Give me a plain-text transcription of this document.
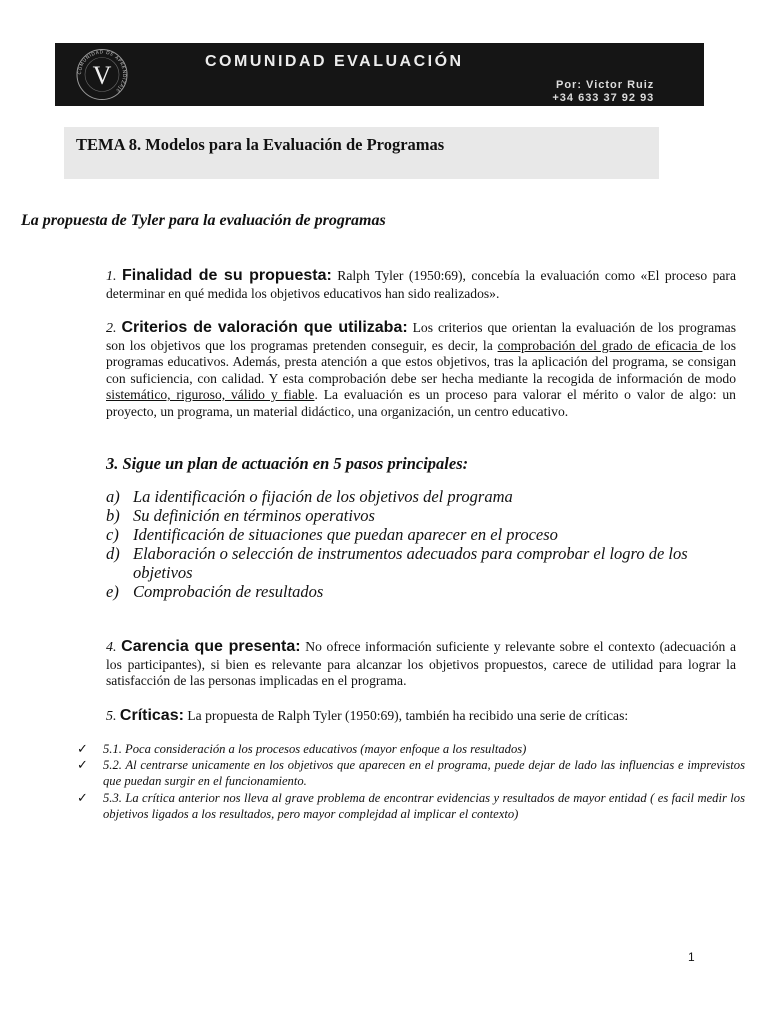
COMUNIDAD DE APRENDIZAJE
V	COMUNIDAD EVALUACIÓN
Por: Victor Ruiz
+34 633 37 92 93
TEMA 8. Modelos para la Evaluación de Programas
La propuesta de Tyler para la evaluación de programas

1. Finalidad de su propuesta: Ralph Tyler (1950:69), concebía la evaluación como «El proceso para determinar en qué medida los objetivos educativos han sido realizados».

2. Criterios de valoración que utilizaba: Los criterios que orientan la evaluación de los programas son los objetivos que los programas pretenden conseguir, es decir, la comprobación del grado de eficacia de los programas educativos. Además, presta atención a que estos objetivos, tras la aplicación del programa, se consigan con suficiencia, con calidad. Y esta comprobación debe ser hecha mediante la recogida de información de modo sistemático, riguroso, válido y fiable. La evaluación es un proceso para valorar el mérito o valor de algo: un proyecto, un programa, un material didáctico, una organización, un centro educativo.

3. Sigue un plan de actuación en 5 pasos principales:
a) La identificación o fijación de los objetivos del programa
b) Su definición en términos operativos
c) Identificación de situaciones que puedan aparecer en el proceso
d) Elaboración o selección de instrumentos adecuados para comprobar el logro de los objetivos
e) Comprobación de resultados

4. Carencia que presenta: No ofrece información suficiente y relevante sobre el contexto (adecuación a los participantes), si bien es relevante para alcanzar los objetivos propuestos, carece de utilidad para lograr la satisfacción de las personas implicadas en el programa.

5. Críticas: La propuesta de Ralph Tyler (1950:69), también ha recibido una serie de críticas:

✓	5.1. Poca consideración a los procesos educativos (mayor enfoque a los resultados)
✓	5.2. Al centrarse unicamente en los objetivos que aparecen en el programa, puede dejar de lado las influencias e imprevistos que puedan surgir en el funcionamiento.
✓	5.3. La crítica anterior nos lleva al grave problema de encontrar evidencias y resultados de mayor entidad ( es facil medir los objetivos ligados a los resultados, pero mayor complejdad al implicar el contexto)
1
